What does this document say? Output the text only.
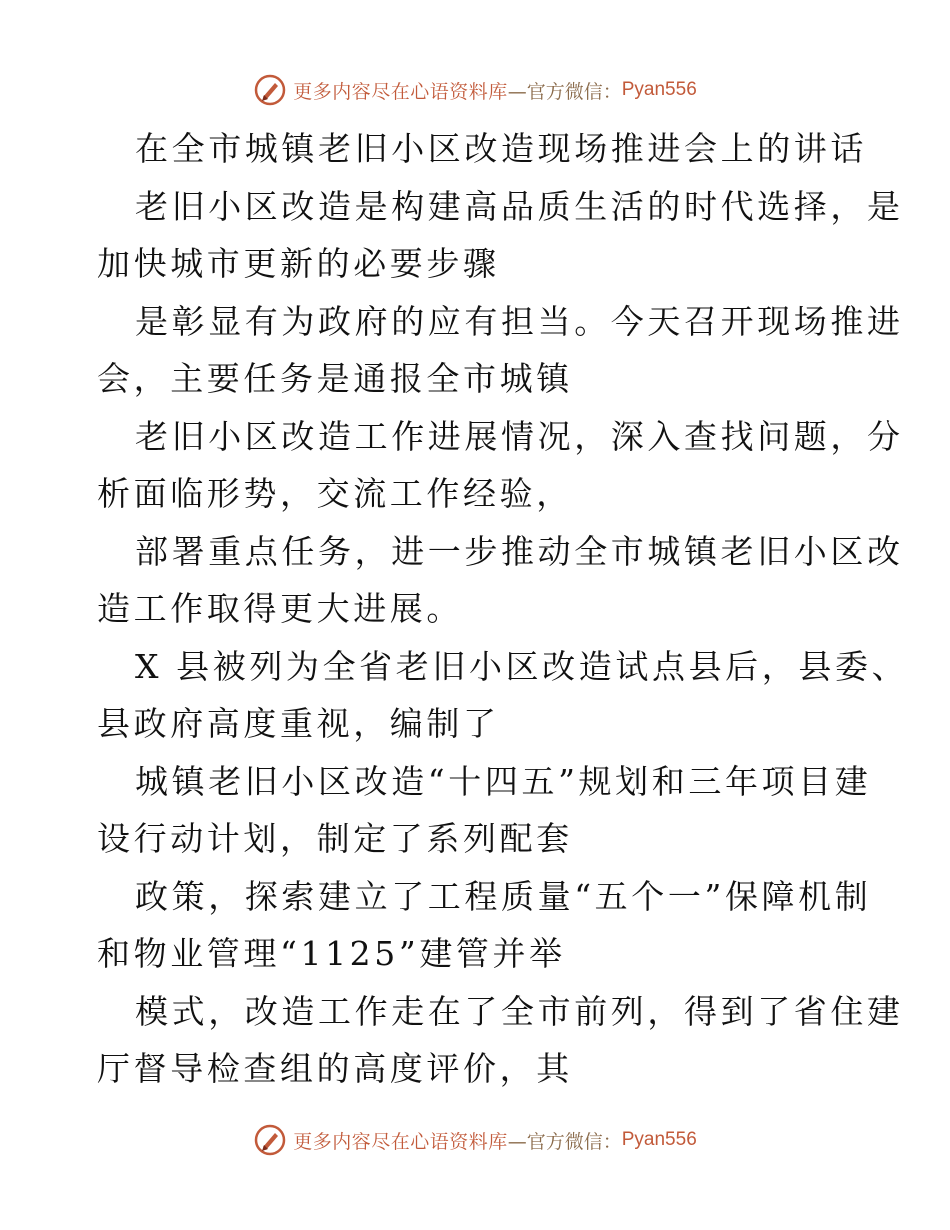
更多内容尽在心语资料库 —官方微信： Pyan556
在全市城镇老旧小区改造现场推进会上的讲话
老旧小区改造是构建高品质生活的时代选择，是
加快城市更新的必要步骤
是彰显有为政府的应有担当。今天召开现场推进
会，主要任务是通报全市城镇
老旧小区改造工作进展情况，深入查找问题，分
析面临形势，交流工作经验，
部署重点任务，进一步推动全市城镇老旧小区改
造工作取得更大进展。
X 县被列为全省老旧小区改造试点县后，县委、
县政府高度重视，编制了
城镇老旧小区改造“十四五”规划和三年项目建
设行动计划，制定了系列配套
政策，探索建立了工程质量“五个一”保障机制
和物业管理“1125”建管并举
模式，改造工作走在了全市前列，得到了省住建
厅督导检查组的高度评价，其
更多内容尽在心语资料库 —官方微信： Pyan556
